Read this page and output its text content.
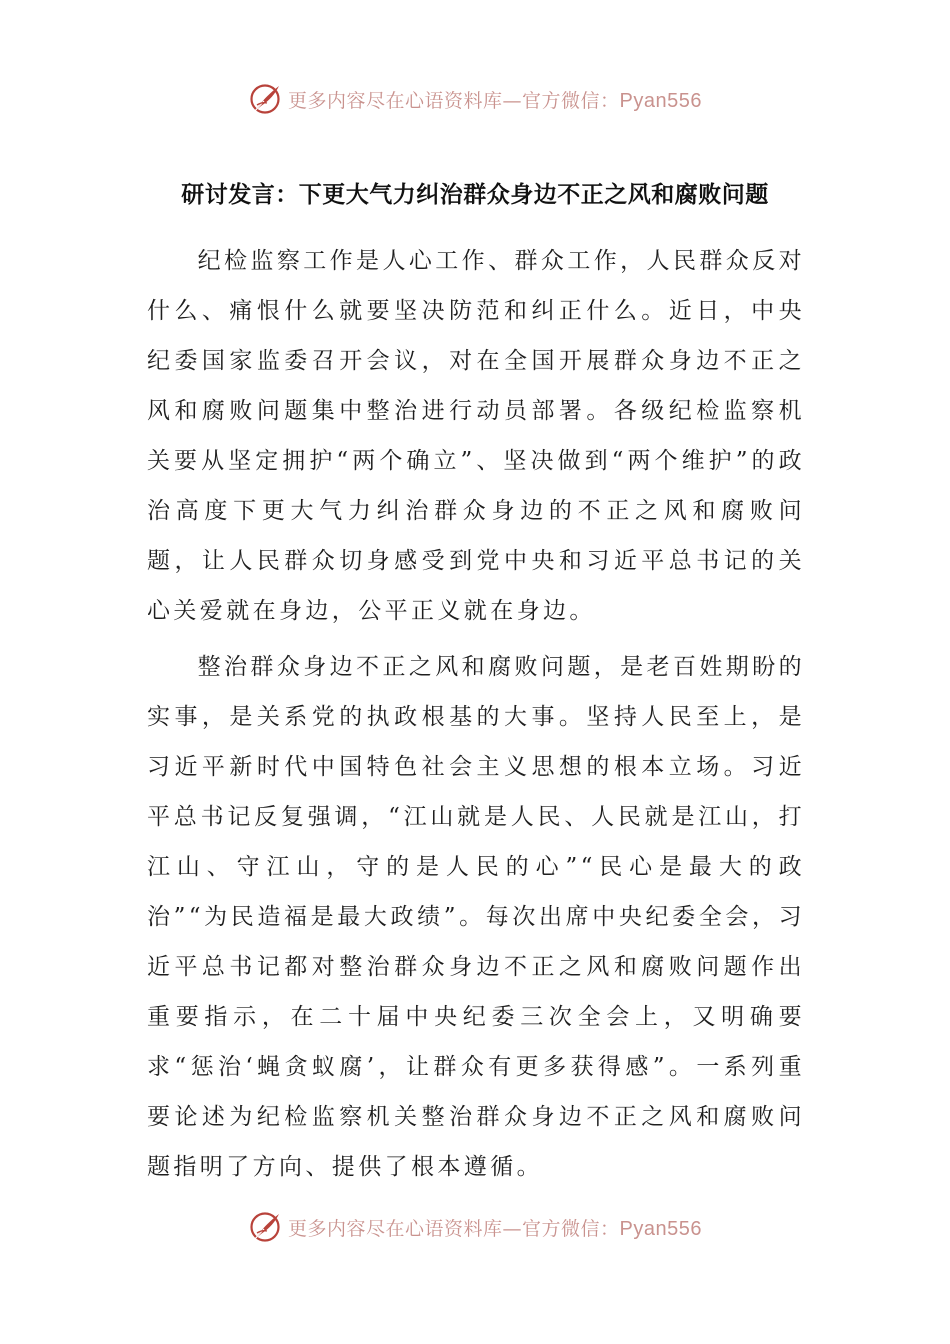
更多内容尽在心语资料库—官方微信：Pyan556
研讨发言：下更大气力纠治群众身边不正之风和腐败问题

纪检监察工作是人心工作、群众工作，人民群众反对什么、痛恨什么就要坚决防范和纠正什么。近日，中央纪委国家监委召开会议，对在全国开展群众身边不正之风和腐败问题集中整治进行动员部署。各级纪检监察机关要从坚定拥护“两个确立”、坚决做到“两个维护”的政治高度下更大气力纠治群众身边的不正之风和腐败问题，让人民群众切身感受到党中央和习近平总书记的关心关爱就在身边，公平正义就在身边。

整治群众身边不正之风和腐败问题，是老百姓期盼的实事，是关系党的执政根基的大事。坚持人民至上，是习近平新时代中国特色社会主义思想的根本立场。习近平总书记反复强调，“江山就是人民、人民就是江山，打江山、守江山，守的是人民的心”“民心是最大的政治”“为民造福是最大政绩”。每次出席中央纪委全会，习近平总书记都对整治群众身边不正之风和腐败问题作出重要指示，在二十届中央纪委三次全会上，又明确要求“惩治‘蝇贪蚁腐’，让群众有更多获得感”。一系列重要论述为纪检监察机关整治群众身边不正之风和腐败问题指明了方向、提供了根本遵循。

更多内容尽在心语资料库—官方微信：Pyan556
